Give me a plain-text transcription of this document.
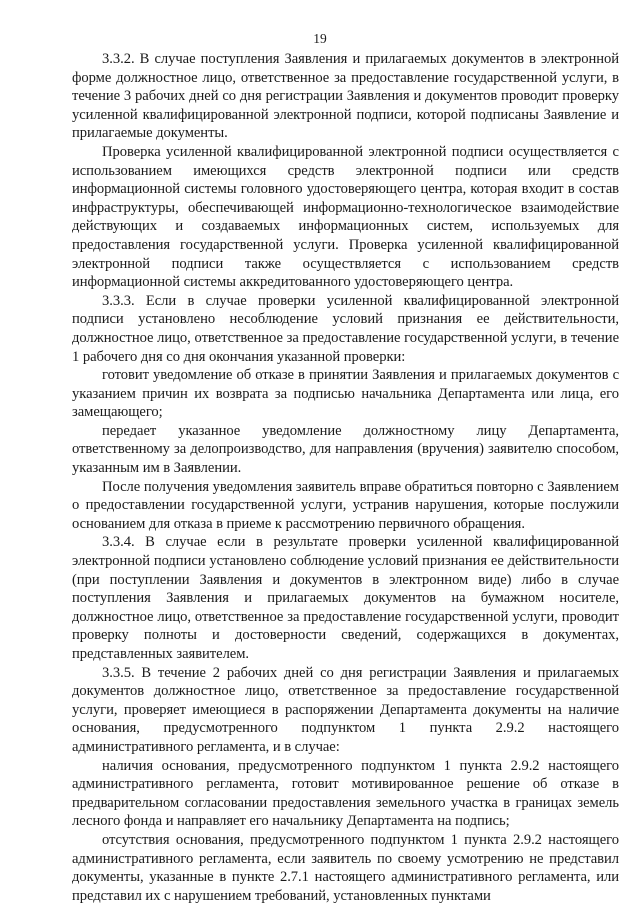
19

3.3.2. В случае поступления Заявления и прилагаемых документов в электронной форме должностное лицо, ответственное за предоставление государственной услуги, в течение 3 рабочих дней со дня регистрации Заявления и документов проводит проверку усиленной квалифицированной электронной подписи, которой подписаны Заявление и прилагаемые документы.

Проверка усиленной квалифицированной электронной подписи осуществляется с использованием имеющихся средств электронной подписи или средств информационной системы головного удостоверяющего центра, которая входит в состав инфраструктуры, обеспечивающей информационно-технологическое взаимодействие действующих и создаваемых информационных систем, используемых для предоставления государственной услуги. Проверка усиленной квалифицированной электронной подписи также осуществляется с использованием средств информационной системы аккредитованного удостоверяющего центра.

3.3.3. Если в случае проверки усиленной квалифицированной электронной подписи установлено несоблюдение условий признания ее действительности, должностное лицо, ответственное за предоставление государственной услуги, в течение 1 рабочего дня со дня окончания указанной проверки:

готовит уведомление об отказе в принятии Заявления и прилагаемых документов с указанием причин их возврата за подписью начальника Департамента или лица, его замещающего;

передает указанное уведомление должностному лицу Департамента, ответственному за делопроизводство, для направления (вручения) заявителю способом, указанным им в Заявлении.

После получения уведомления заявитель вправе обратиться повторно с Заявлением о предоставлении государственной услуги, устранив нарушения, которые послужили основанием для отказа в приеме к рассмотрению первичного обращения.

3.3.4. В случае если в результате проверки усиленной квалифицированной электронной подписи установлено соблюдение условий признания ее действительности (при поступлении Заявления и документов в электронном виде) либо в случае поступления Заявления и прилагаемых документов на бумажном носителе, должностное лицо, ответственное за предоставление государственной услуги, проводит проверку полноты и достоверности сведений, содержащихся в документах, представленных заявителем.

3.3.5. В течение 2 рабочих дней со дня регистрации Заявления и прилагаемых документов должностное лицо, ответственное за предоставление государственной услуги, проверяет имеющиеся в распоряжении Департамента документы на наличие основания, предусмотренного подпунктом 1 пункта 2.9.2 настоящего административного регламента, и в случае:

наличия основания, предусмотренного подпунктом 1 пункта 2.9.2 настоящего административного регламента, готовит мотивированное решение об отказе в предварительном согласовании предоставления земельного участка в границах земель лесного фонда и направляет его начальнику Департамента на подпись;

отсутствия основания, предусмотренного подпунктом 1 пункта 2.9.2 настоящего административного регламента, если заявитель по своему усмотрению не представил документы, указанные в пункте 2.7.1 настоящего административного регламента, или представил их с нарушением требований, установленных пунктами
